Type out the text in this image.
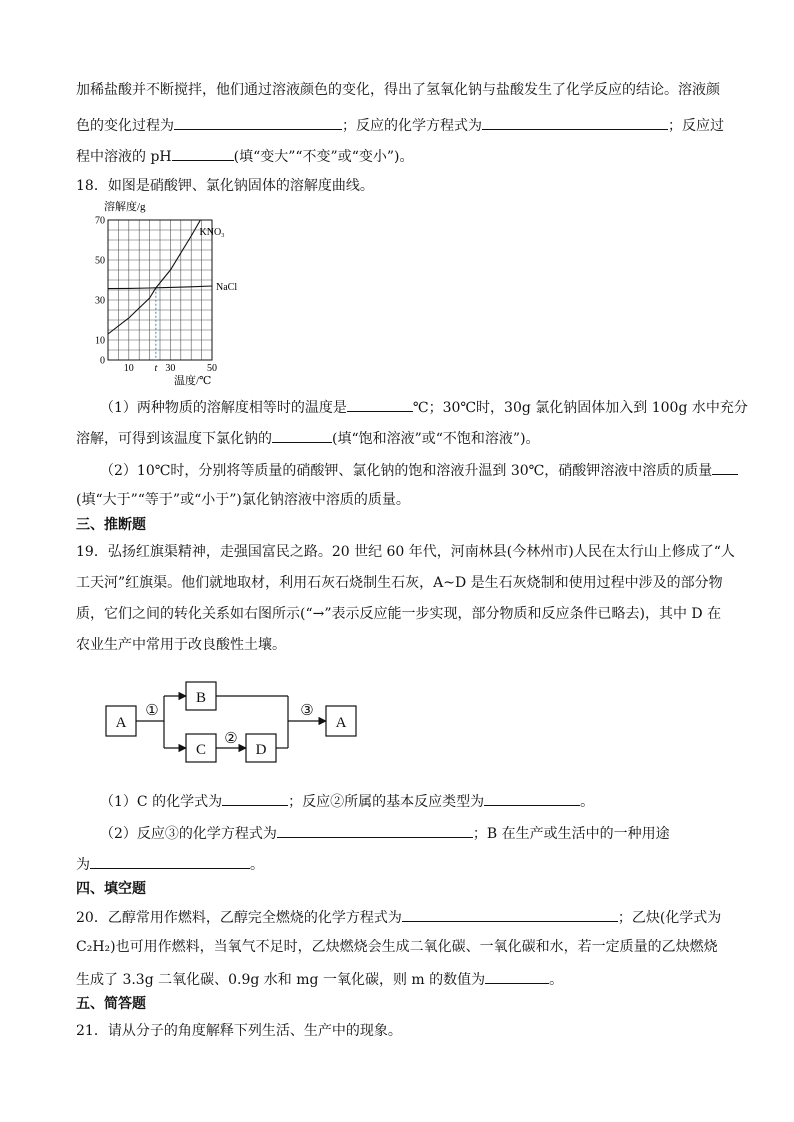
加稀盐酸并不断搅拌，他们通过溶液颜色的变化，得出了氢氧化钠与盐酸发生了化学反应的结论。溶液颜
色的变化过程为	；反应的化学方程式为	；反应过
程中溶液的 pH	(填“变大”“不变”或“变小”)。
18．如图是硝酸钾、氯化钠固体的溶解度曲线。
0
10
30
50
70
10 t 30	50
KNO₃
NaCl
溶解度/g
温度/℃
（1）两种物质的溶解度相等时的温度是	℃；30℃时，30g 氯化钠固体加入到 100g 水中充分
溶解，可得到该温度下氯化钠的	(填“饱和溶液”或“不饱和溶液”)。
（2）10℃时，分别将等质量的硝酸钾、氯化钠的饱和溶液升温到 30℃，硝酸钾溶液中溶质的质量
(填“大于”“等于”或“小于”)氯化钠溶液中溶质的质量。
三、推断题
19．弘扬红旗渠精神，走强国富民之路。20 世纪 60 年代，河南林县(今林州市)人民在太行山上修成了“人
工天河”红旗渠。他们就地取材，利用石灰石烧制生石灰，A~D 是生石灰烧制和使用过程中涉及的部分物
质，它们之间的转化关系如右图所示(“→”表示反应能一步实现，部分物质和反应条件已略去)，其中 D 在
农业生产中常用于改良酸性土壤。
A
B
C	D
A
①
②
③
（1）C 的化学式为	；反应②所属的基本反应类型为	。
（2）反应③的化学方程式为	；B 在生产或生活中的一种用途
为	。
四、填空题
20．乙醇常用作燃料，乙醇完全燃烧的化学方程式为	；乙炔(化学式为
C₂H₂)也可用作燃料，当氧气不足时，乙炔燃烧会生成二氧化碳、一氧化碳和水，若一定质量的乙炔燃烧
生成了 3.3g 二氧化碳、0.9g 水和 mg 一氧化碳，则 m 的数值为	。
五、简答题
21．请从分子的角度解释下列生活、生产中的现象。
